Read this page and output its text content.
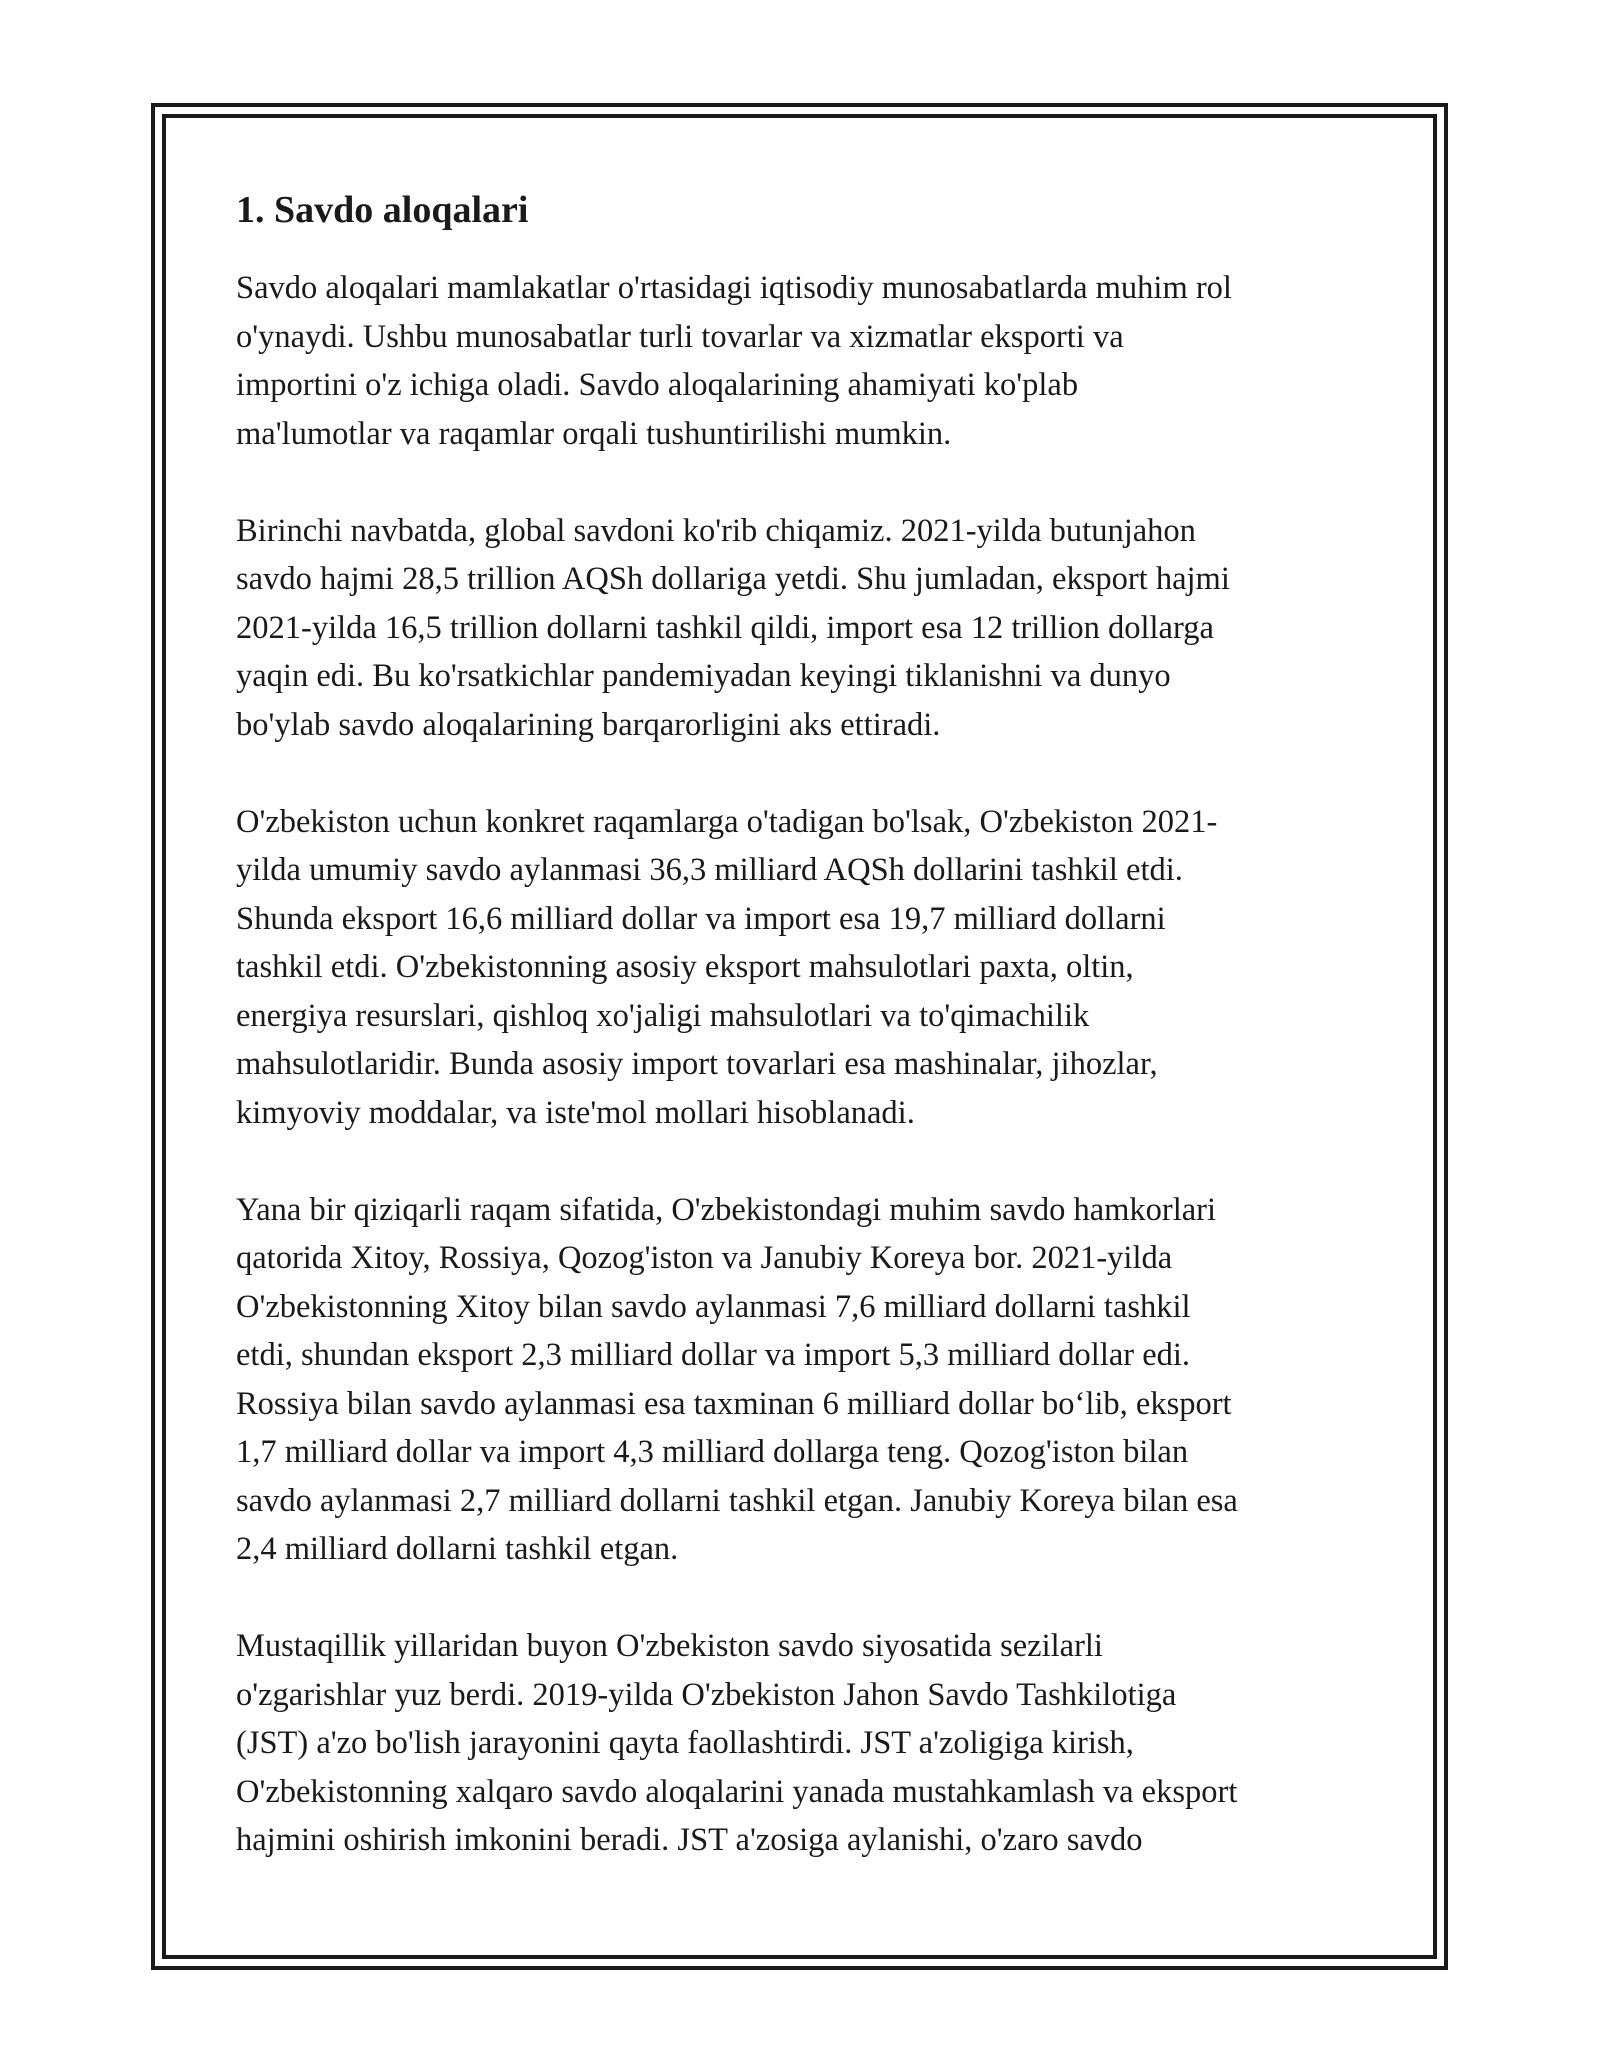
1. Savdo aloqalari

Savdo aloqalari mamlakatlar o'rtasidagi iqtisodiy munosabatlarda muhim rol
o'ynaydi. Ushbu munosabatlar turli tovarlar va xizmatlar eksporti va
importini o'z ichiga oladi. Savdo aloqalarining ahamiyati ko'plab
ma'lumotlar va raqamlar orqali tushuntirilishi mumkin.

Birinchi navbatda, global savdoni ko'rib chiqamiz. 2021-yilda butunjahon
savdo hajmi 28,5 trillion AQSh dollariga yetdi. Shu jumladan, eksport hajmi
2021-yilda 16,5 trillion dollarni tashkil qildi, import esa 12 trillion dollarga
yaqin edi. Bu ko'rsatkichlar pandemiyadan keyingi tiklanishni va dunyo
bo'ylab savdo aloqalarining barqarorligini aks ettiradi.

O'zbekiston uchun konkret raqamlarga o'tadigan bo'lsak, O'zbekiston 2021-
yilda umumiy savdo aylanmasi 36,3 milliard AQSh dollarini tashkil etdi.
Shunda eksport 16,6 milliard dollar va import esa 19,7 milliard dollarni
tashkil etdi. O'zbekistonning asosiy eksport mahsulotlari paxta, oltin,
energiya resurslari, qishloq xo'jaligi mahsulotlari va to'qimachilik
mahsulotlaridir. Bunda asosiy import tovarlari esa mashinalar, jihozlar,
kimyoviy moddalar, va iste'mol mollari hisoblanadi.

Yana bir qiziqarli raqam sifatida, O'zbekistondagi muhim savdo hamkorlari
qatorida Xitoy, Rossiya, Qozog'iston va Janubiy Koreya bor. 2021-yilda
O'zbekistonning Xitoy bilan savdo aylanmasi 7,6 milliard dollarni tashkil
etdi, shundan eksport 2,3 milliard dollar va import 5,3 milliard dollar edi.
Rossiya bilan savdo aylanmasi esa taxminan 6 milliard dollar bo‘lib, eksport
1,7 milliard dollar va import 4,3 milliard dollarga teng. Qozog'iston bilan
savdo aylanmasi 2,7 milliard dollarni tashkil etgan. Janubiy Koreya bilan esa
2,4 milliard dollarni tashkil etgan.

Mustaqillik yillaridan buyon O'zbekiston savdo siyosatida sezilarli
o'zgarishlar yuz berdi. 2019-yilda O'zbekiston Jahon Savdo Tashkilotiga
(JST) a'zo bo'lish jarayonini qayta faollashtirdi. JST a'zoligiga kirish,
O'zbekistonning xalqaro savdo aloqalarini yanada mustahkamlash va eksport
hajmini oshirish imkonini beradi. JST a'zosiga aylanishi, o'zaro savdo
